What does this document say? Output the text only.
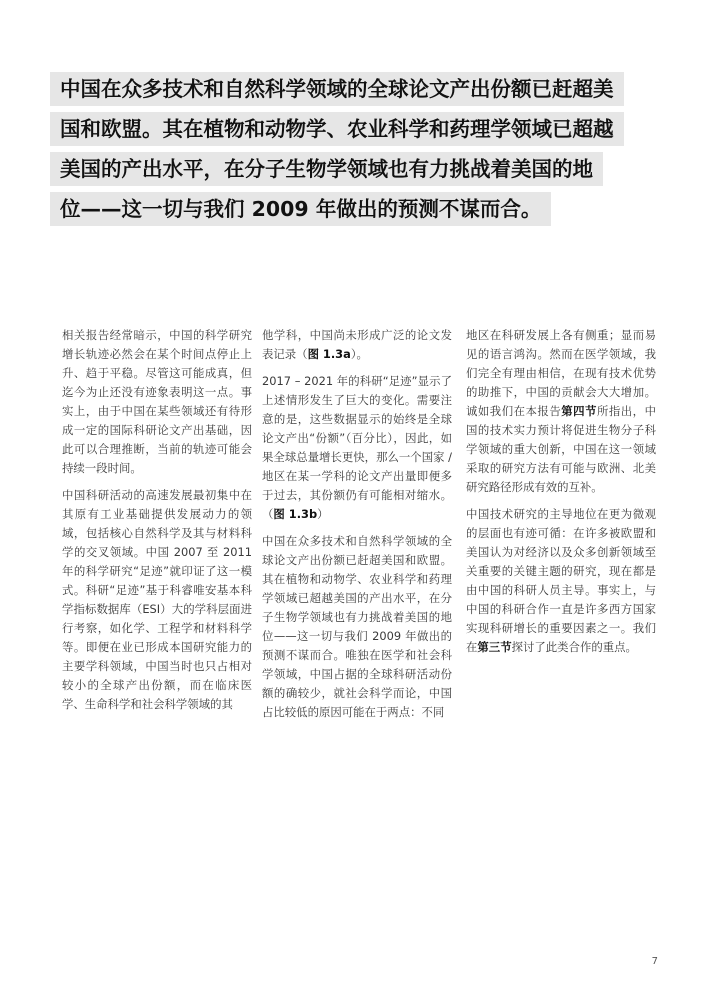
中国在众多技术和自然科学领域的全球论文产出份额已赶超美
国和欧盟。其在植物和动物学、农业科学和药理学领域已超越
美国的产出水平，在分子生物学领域也有力挑战着美国的地
位——这一切与我们 2009 年做出的预测不谋而合。

相关报告经常暗示，中国的科学研究增长轨迹必然会在某个时间点停止上升、趋于平稳。尽管这可能成真，但迄今为止还没有迹象表明这一点。事实上，由于中国在某些领域还有待形成一定的国际科研论文产出基础，因此可以合理推断，当前的轨迹可能会持续一段时间。

中国科研活动的高速发展最初集中在其原有工业基础提供发展动力的领域，包括核心自然科学及其与材料科学的交叉领域。中国 2007 至 2011 年的科学研究“足迹”就印证了这一模式。科研“足迹”基于科睿唯安基本科学指标数据库（ESI）大的学科层面进行考察，如化学、工程学和材料科学等。即便在业已形成本国研究能力的主要学科领域，中国当时也只占相对较小的全球产出份额，而在临床医学、生命科学和社会科学领域的其

他学科，中国尚未形成广泛的论文发表记录（图 1.3a）。

2017 – 2021 年的科研“足迹”显示了上述情形发生了巨大的变化。需要注意的是，这些数据显示的始终是全球论文产出“份额”（百分比），因此，如果全球总量增长更快，那么一个国家 / 地区在某一学科的论文产出量即便多于过去，其份额仍有可能相对缩水。（图 1.3b）

中国在众多技术和自然科学领域的全球论文产出份额已赶超美国和欧盟。其在植物和动物学、农业科学和药理学领域已超越美国的产出水平，在分子生物学领域也有力挑战着美国的地位——这一切与我们 2009 年做出的预测不谋而合。唯独在医学和社会科学领域，中国占据的全球科研活动份额的确较少，就社会科学而论，中国占比较低的原因可能在于两点：不同

地区在科研发展上各有侧重；显而易见的语言鸿沟。然而在医学领域，我们完全有理由相信，在现有技术优势的助推下，中国的贡献会大大增加。诚如我们在本报告第四节所指出，中国的技术实力预计将促进生物分子科学领域的重大创新，中国在这一领域采取的研究方法有可能与欧洲、北美研究路径形成有效的互补。

中国技术研究的主导地位在更为微观的层面也有迹可循：在许多被欧盟和美国认为对经济以及众多创新领域至关重要的关键主题的研究，现在都是由中国的科研人员主导。事实上，与中国的科研合作一直是许多西方国家实现科研增长的重要因素之一。我们在第三节探讨了此类合作的重点。

7
